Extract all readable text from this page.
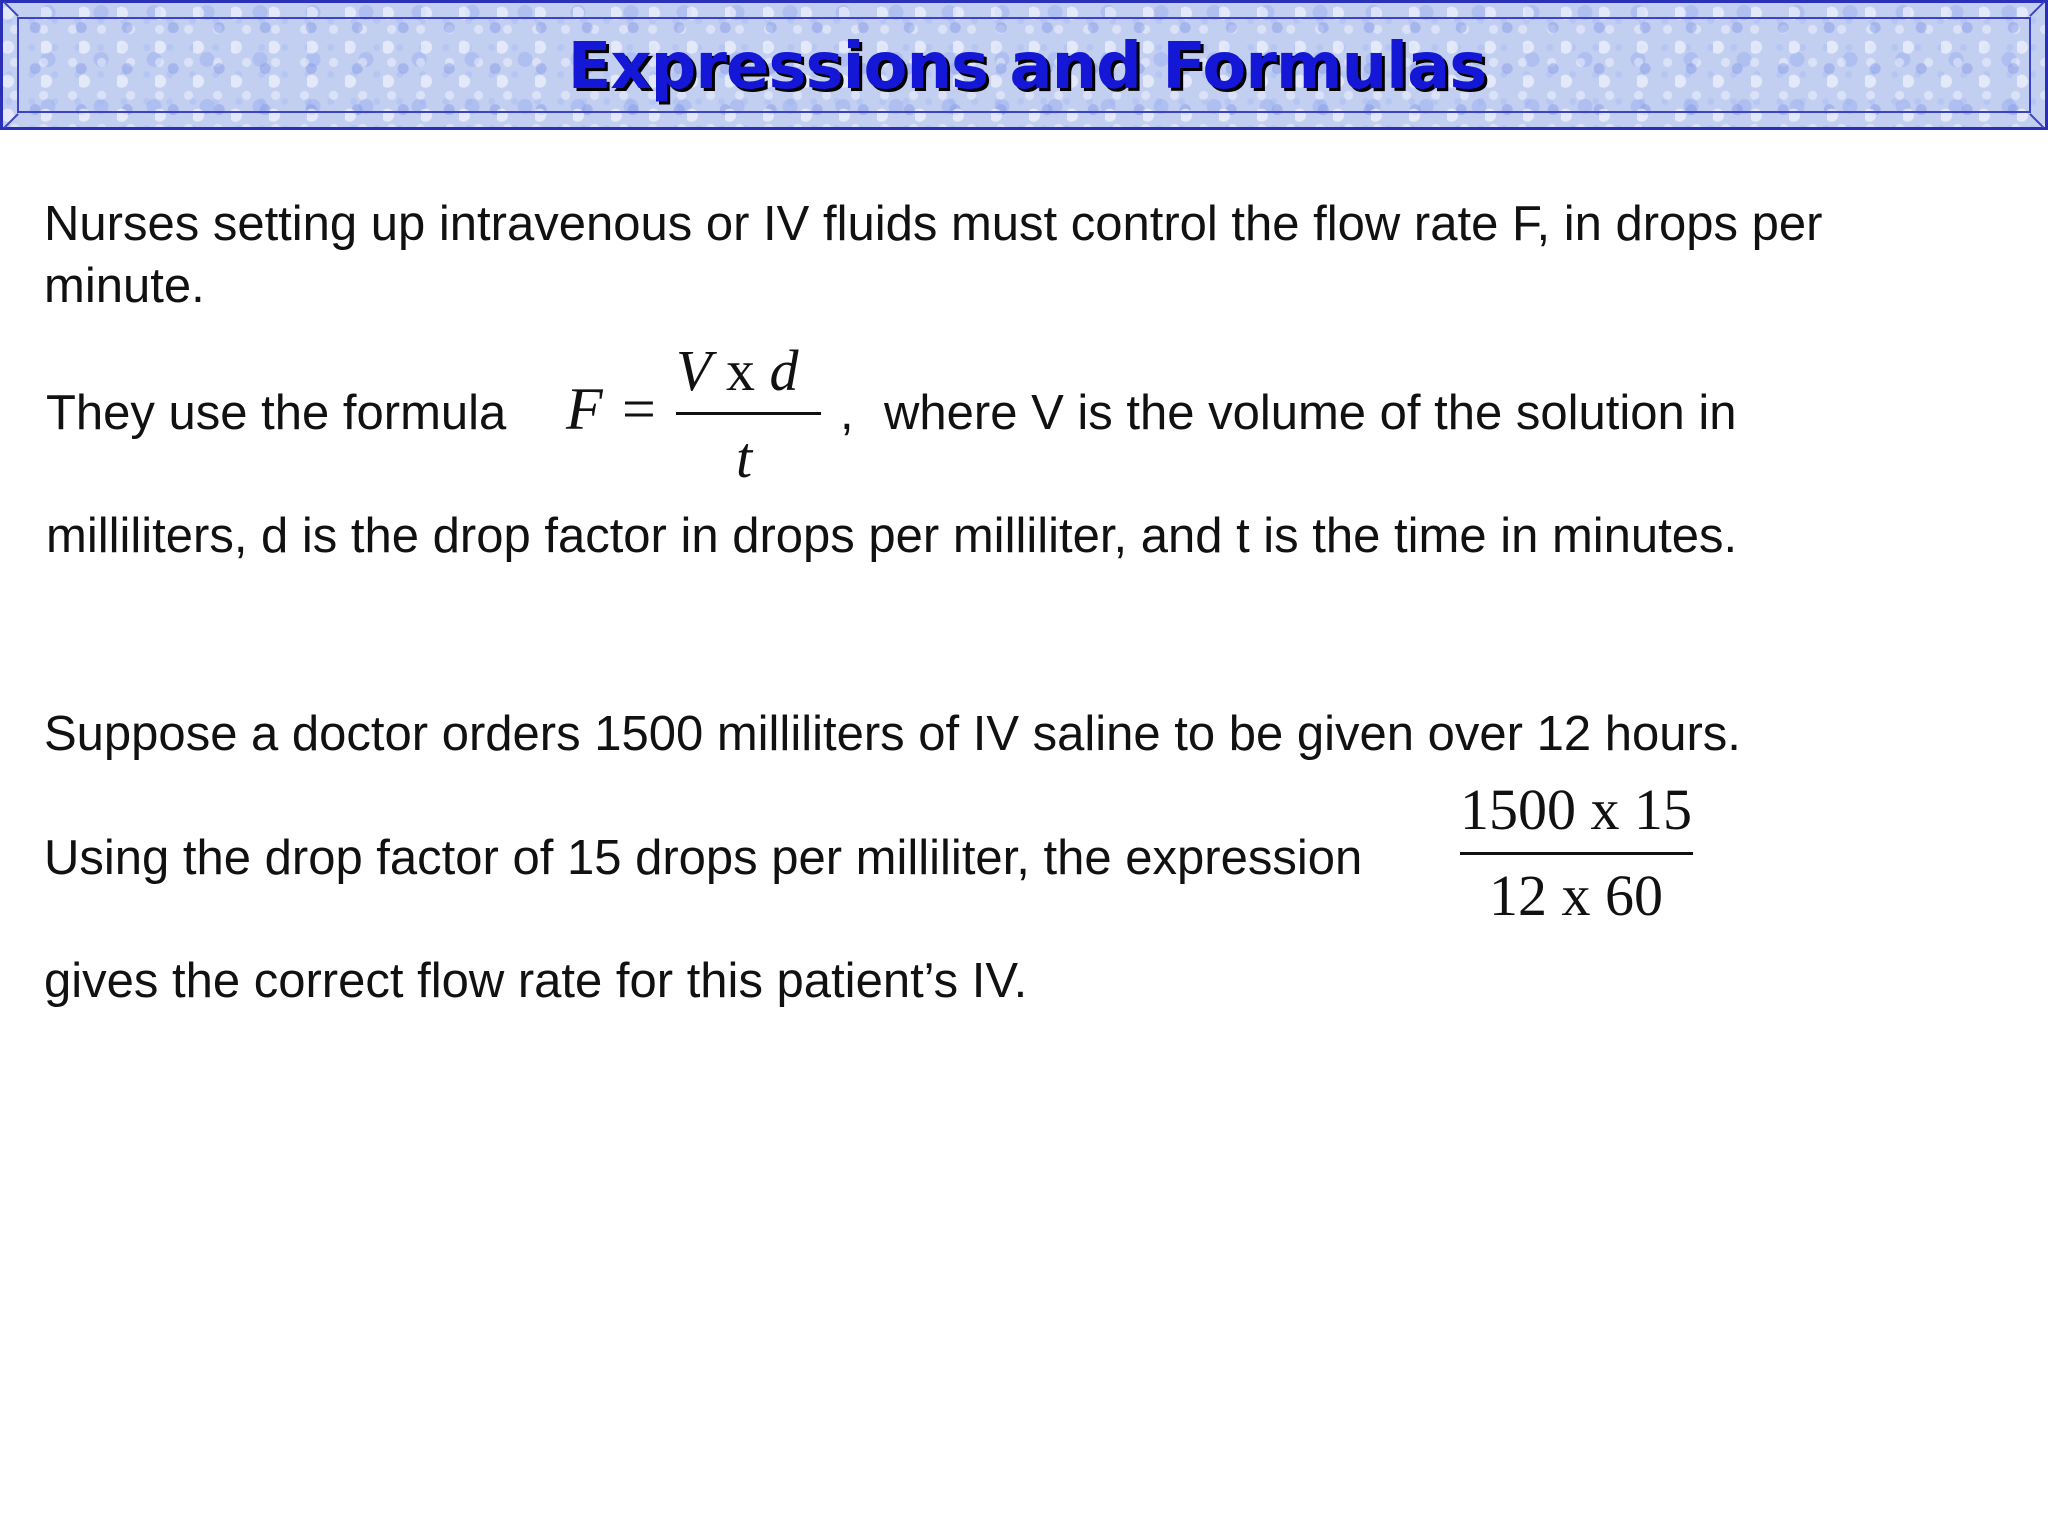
Expressions and Formulas
Nurses setting up intravenous or IV fluids must control the flow rate F, in drops per
minute.
They use the formula F =
V x d
t
, where V is the volume of the solution in
milliliters, d is the drop factor in drops per milliliter, and t is the time in minutes.
Suppose a doctor orders 1500 milliliters of IV saline to be given over 12 hours.
Using the drop factor of 15 drops per milliliter, the expression
1500 x 15
12 x 60
gives the correct flow rate for this patient’s IV.
